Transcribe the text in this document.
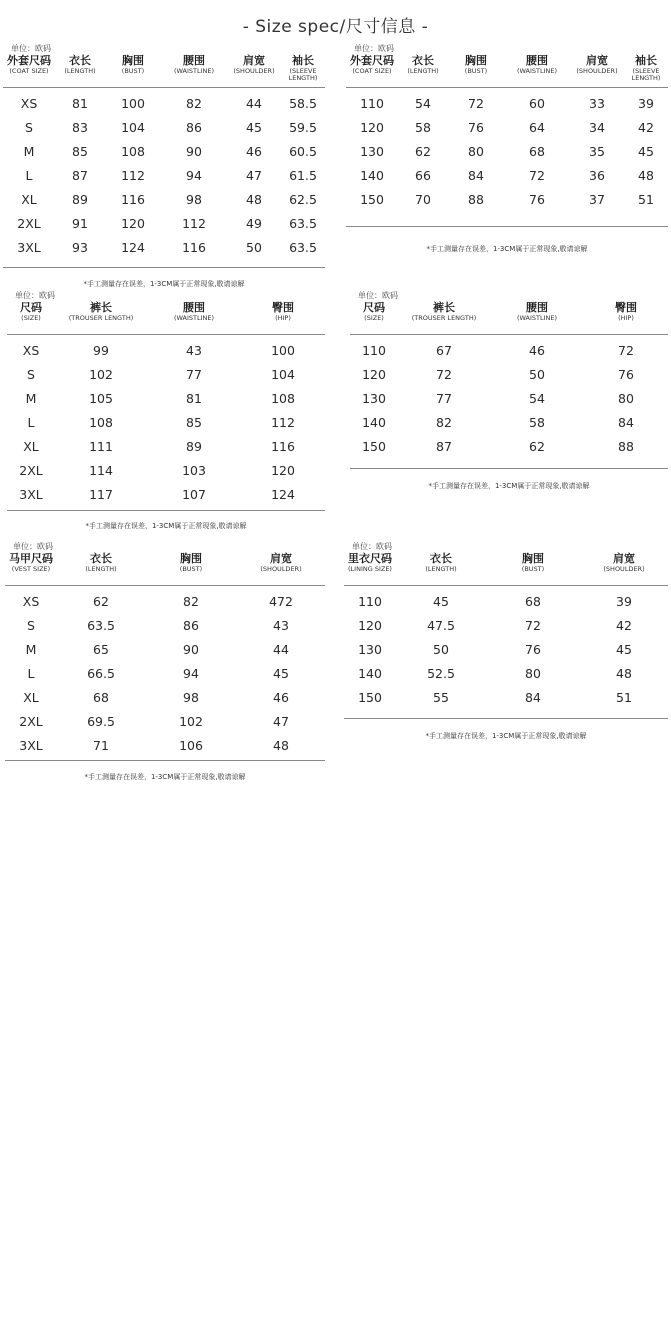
- Size spec/尺寸信息 -
单位：欧码
外套尺码
(COAT SIZE)
衣长
(LENGTH)
胸围
(BUST)
腰围
(WAISTLINE)
肩宽
(SHOULDER)
袖长
(SLEEVE LENGTH)
XS	81	100	82	44	58.5
S	83	104	86	45	59.5
M	85	108	90	46	60.5
L	87	112	94	47	61.5
XL	89	116	98	48	62.5
2XL	91	120	112	49	63.5
3XL	93	124	116	50	63.5
*手工测量存在误差，1-3CM属于正常现象,敬请谅解
单位：欧码
外套尺码
(COAT SIZE)
衣长
(LENGTH)
胸围
(BUST)
腰围
(WAISTLINE)
肩宽
(SHOULDER)
袖长
(SLEEVE LENGTH)
110	54	72	60	33	39
120	58	76	64	34	42
130	62	80	68	35	45
140	66	84	72	36	48
150	70	88	76	37	51
*手工测量存在误差，1-3CM属于正常现象,敬请谅解
单位：欧码
尺码
(SIZE)
裤长
(TROUSER LENGTH)
腰围
(WAISTLINE)
臀围
(HIP)
XS	99	43	100
S	102	77	104
M	105	81	108
L	108	85	112
XL	111	89	116
2XL	114	103	120
3XL	117	107	124
*手工测量存在误差，1-3CM属于正常现象,敬请谅解
单位：欧码
尺码
(SIZE)
裤长
(TROUSER LENGTH)
腰围
(WAISTLINE)
臀围
(HIP)
110	67	46	72
120	72	50	76
130	77	54	80
140	82	58	84
150	87	62	88
*手工测量存在误差，1-3CM属于正常现象,敬请谅解
单位：欧码
马甲尺码
(VEST SIZE)
衣长
(LENGTH)
胸围
(BUST)
肩宽
(SHOULDER)
XS	62	82	472
S	63.5	86	43
M	65	90	44
L	66.5	94	45
XL	68	98	46
2XL	69.5	102	47
3XL	71	106	48
*手工测量存在误差，1-3CM属于正常现象,敬请谅解
单位：欧码
里衣尺码
(LINING SIZE)
衣长
(LENGTH)
胸围
(BUST)
肩宽
(SHOULDER)
110	45	68	39
120	47.5	72	42
130	50	76	45
140	52.5	80	48
150	55	84	51
*手工测量存在误差，1-3CM属于正常现象,敬请谅解
